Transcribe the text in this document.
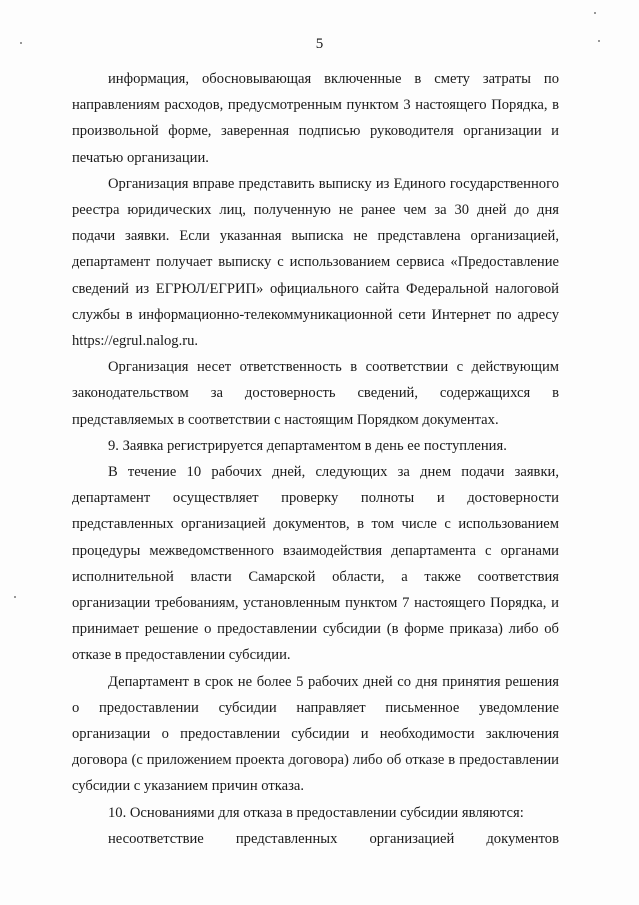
5

информация, обосновывающая включенные в смету затраты по направлениям расходов, предусмотренным пунктом 3 настоящего Порядка, в произвольной форме, заверенная подписью руководителя организации и печатью организации.

Организация вправе представить выписку из Единого государственного реестра юридических лиц, полученную не ранее чем за 30 дней до дня подачи заявки. Если указанная выписка не представлена организацией, департамент получает выписку с использованием сервиса «Предоставление сведений из ЕГРЮЛ/ЕГРИП» официального сайта Федеральной налоговой службы в информационно-телекоммуникационной сети Интернет по адресу https://egrul.nalog.ru.

Организация несет ответственность в соответствии с действующим законодательством за достоверность сведений, содержащихся в представляемых в соответствии с настоящим Порядком документах.

9. Заявка регистрируется департаментом в день ее поступления.

В течение 10 рабочих дней, следующих за днем подачи заявки, департамент осуществляет проверку полноты и достоверности представленных организацией документов, в том числе с использованием процедуры межведомственного взаимодействия департамента с органами исполнительной власти Самарской области, а также соответствия организации требованиям, установленным пунктом 7 настоящего Порядка, и принимает решение о предоставлении субсидии (в форме приказа) либо об отказе в предоставлении субсидии.

Департамент в срок не более 5 рабочих дней со дня принятия решения о предоставлении субсидии направляет письменное уведомление организации о предоставлении субсидии и необходимости заключения договора (с приложением проекта договора) либо об отказе в предоставлении субсидии с указанием причин отказа.

10. Основаниями для отказа в предоставлении субсидии являются:

несоответствие представленных организацией документов
